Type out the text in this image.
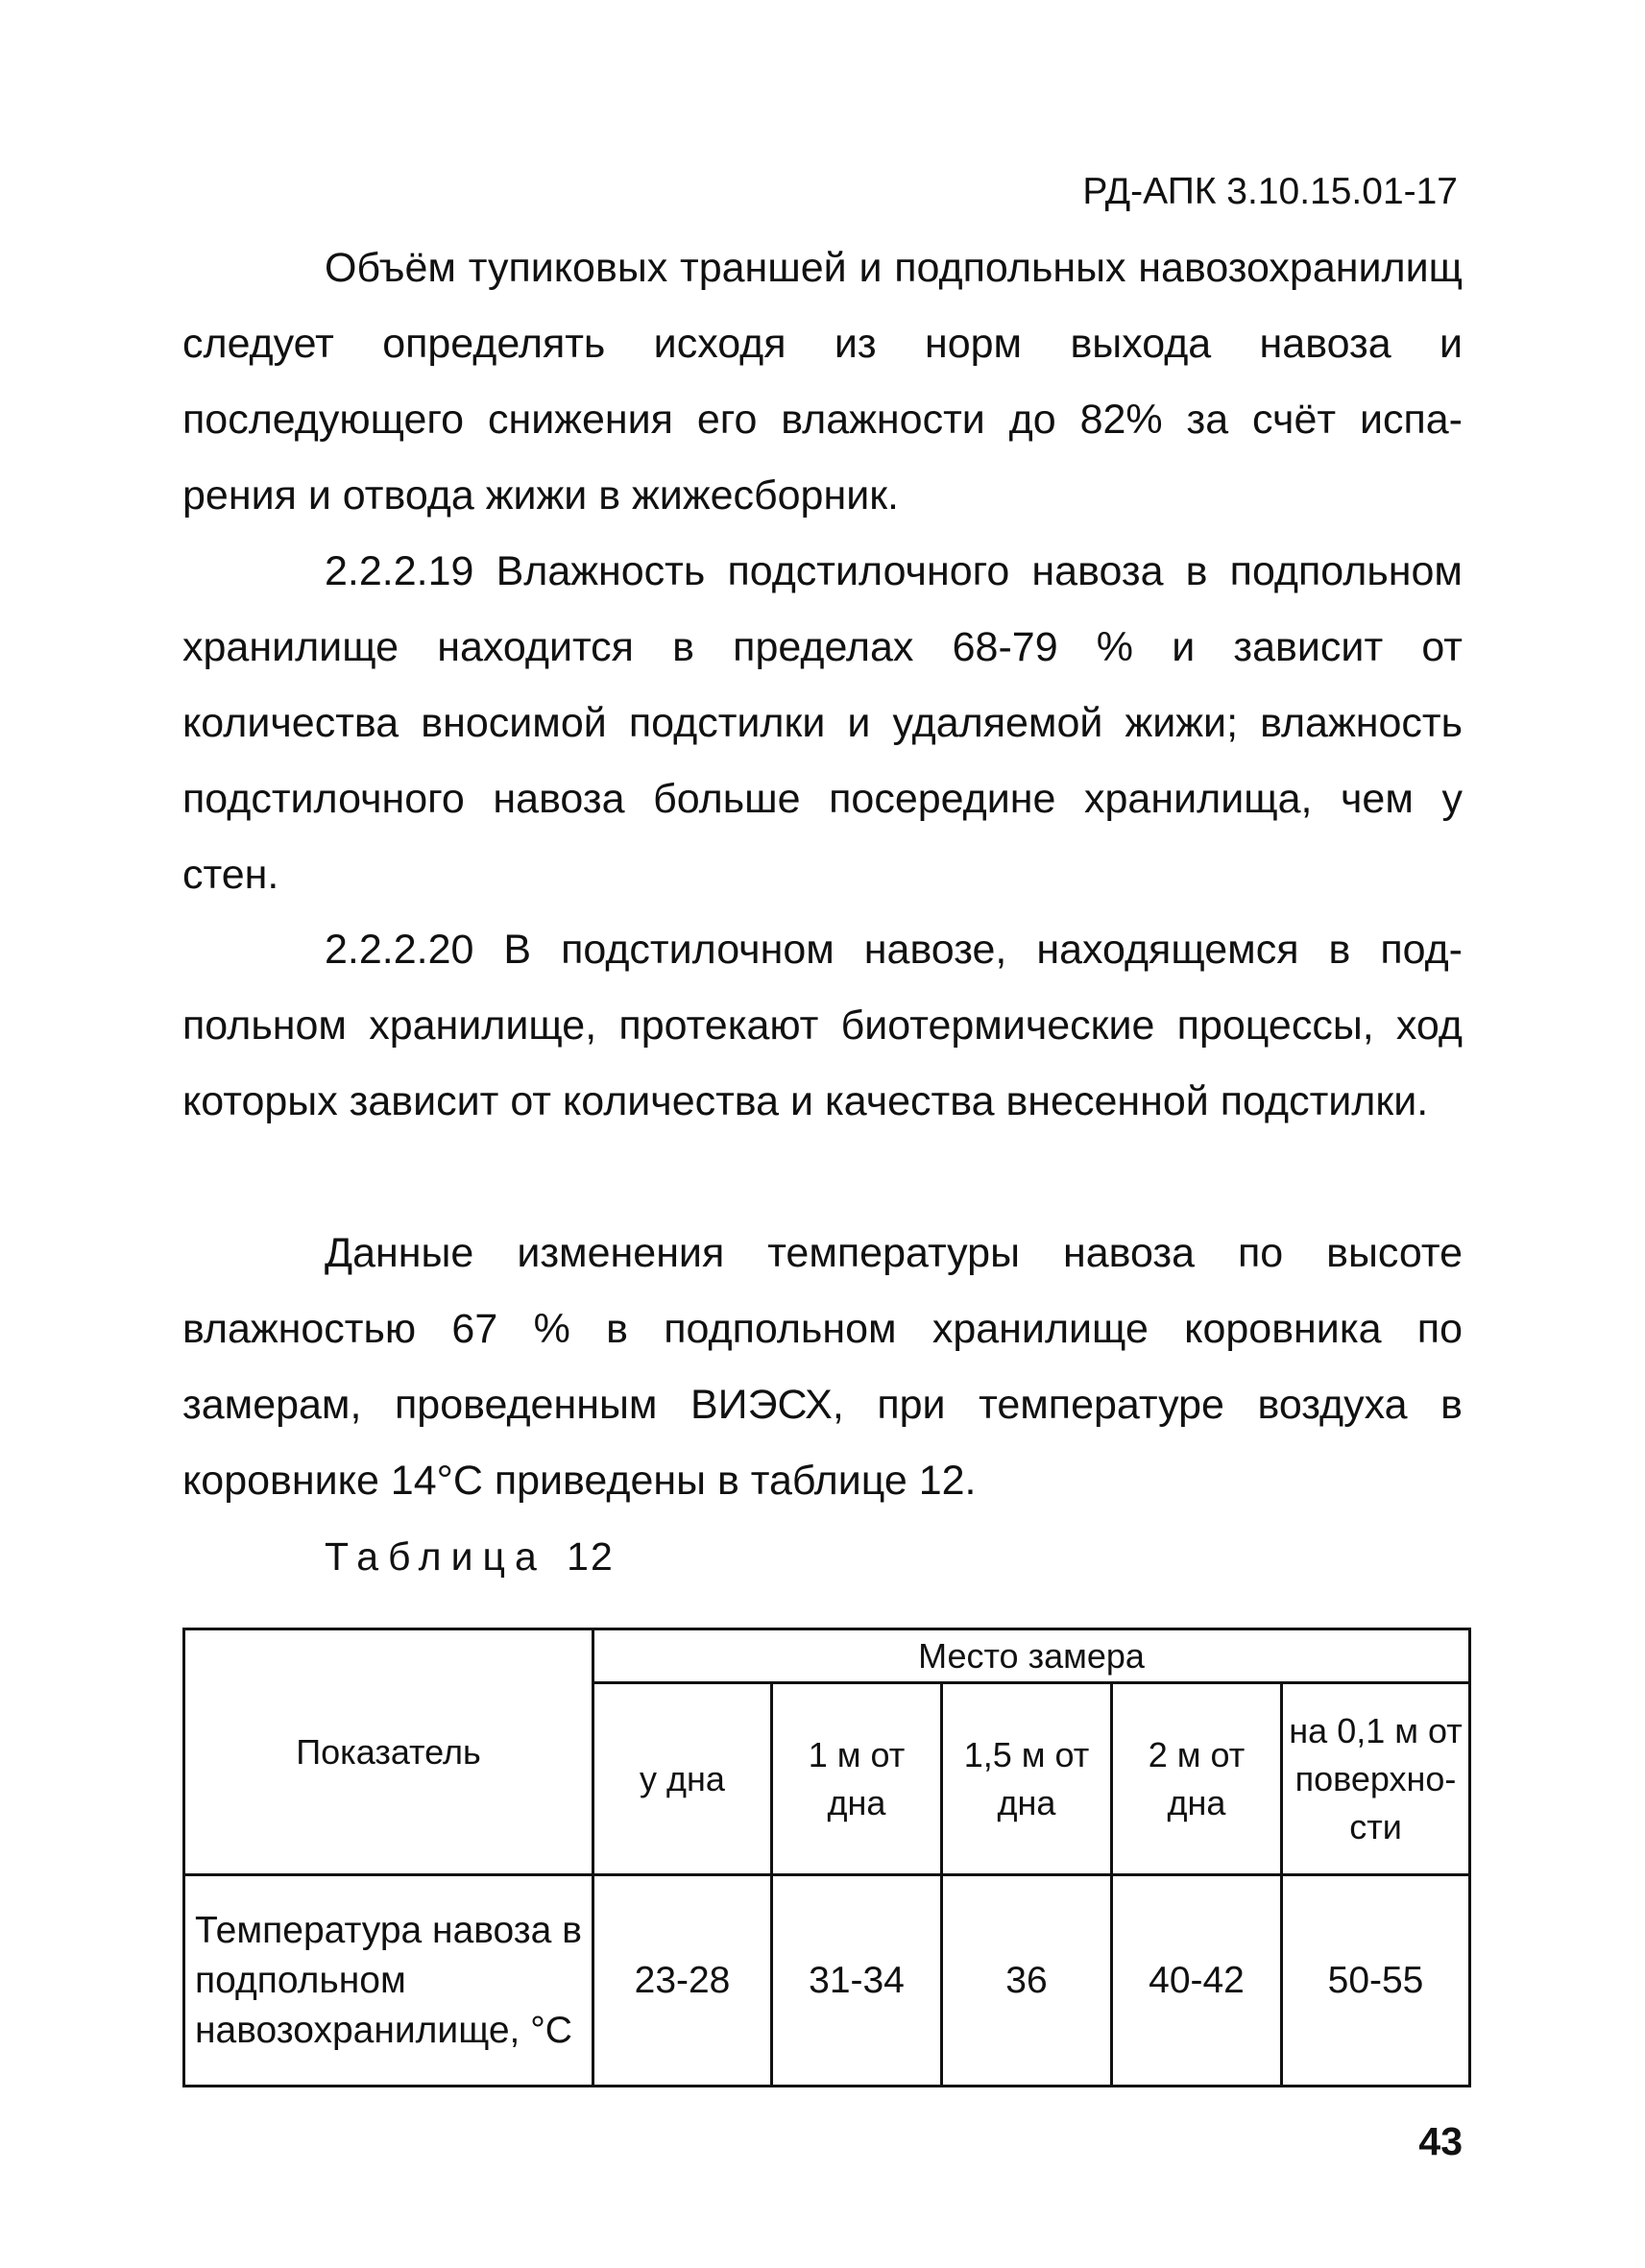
РД-АПК 3.10.15.01-17
Объём тупиковых траншей и подпольных навозохранилищ следует определять исходя из норм выхода навоза и последующего снижения его влажности до 82% за счёт испарения и отвода жижи в жижесборник.
2.2.2.19 Влажность подстилочного навоза в подпольном хранилище находится в пределах 68-79 % и зависит от количества вносимой подстилки и удаляемой жижи; влажность подстилочного навоза больше посередине хранилища, чем у стен.
2.2.2.20 В подстилочном навозе, находящемся в подпольном хранилище, протекают биотермические процессы, ход которых зависит от количества и качества внесенной подстилки.
Данные изменения температуры навоза по высоте влажностью 67 % в подпольном хранилище коровника по замерам, проведенным ВИЭСХ, при температуре воздуха в коровнике 14°С приведены в таблице 12.
Таблица 12
Показатель	Место замера				
	у дна	1 м от дна	1,5 м от дна	2 м от дна	на 0,1 м от поверхности
Температура навоза в подпольном навозохранилище, °С	23-28	31-34	36	40-42	50-55
43
